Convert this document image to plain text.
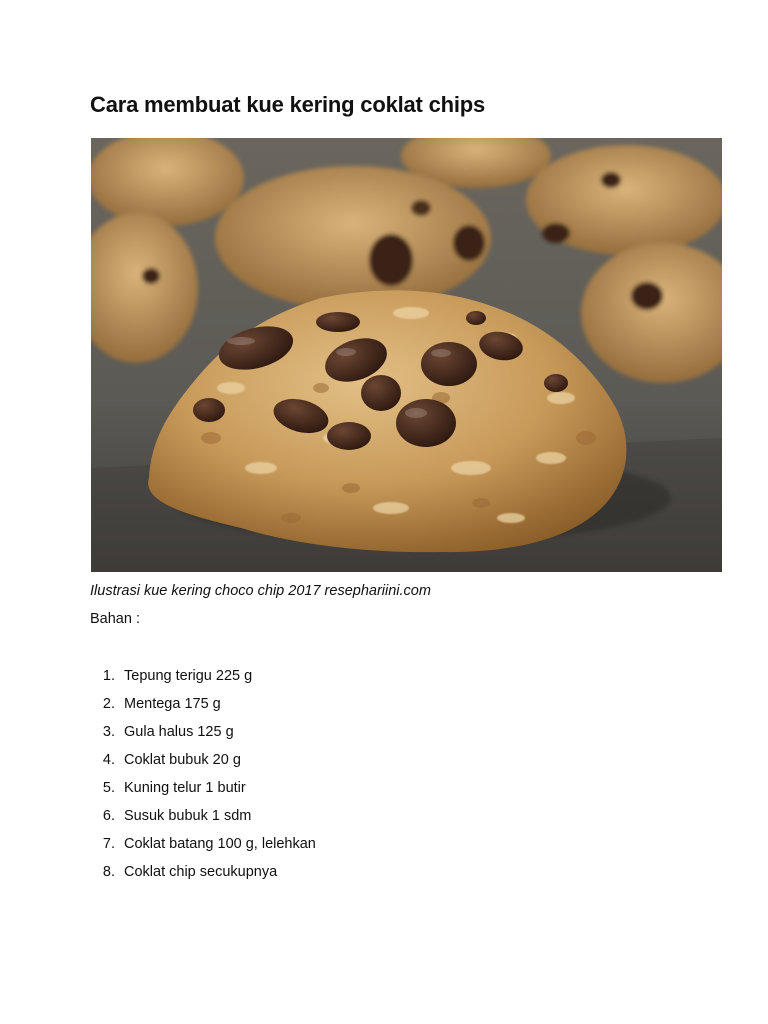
Cara membuat kue kering coklat chips
Ilustrasi kue kering choco chip 2017 resephariini.com
Bahan :
1. Tepung terigu 225 g
2. Mentega 175 g
3. Gula halus 125 g
4. Coklat bubuk 20 g
5. Kuning telur 1 butir
6. Susuk bubuk 1 sdm
7. Coklat batang 100 g, lelehkan
8. Coklat chip secukupnya
